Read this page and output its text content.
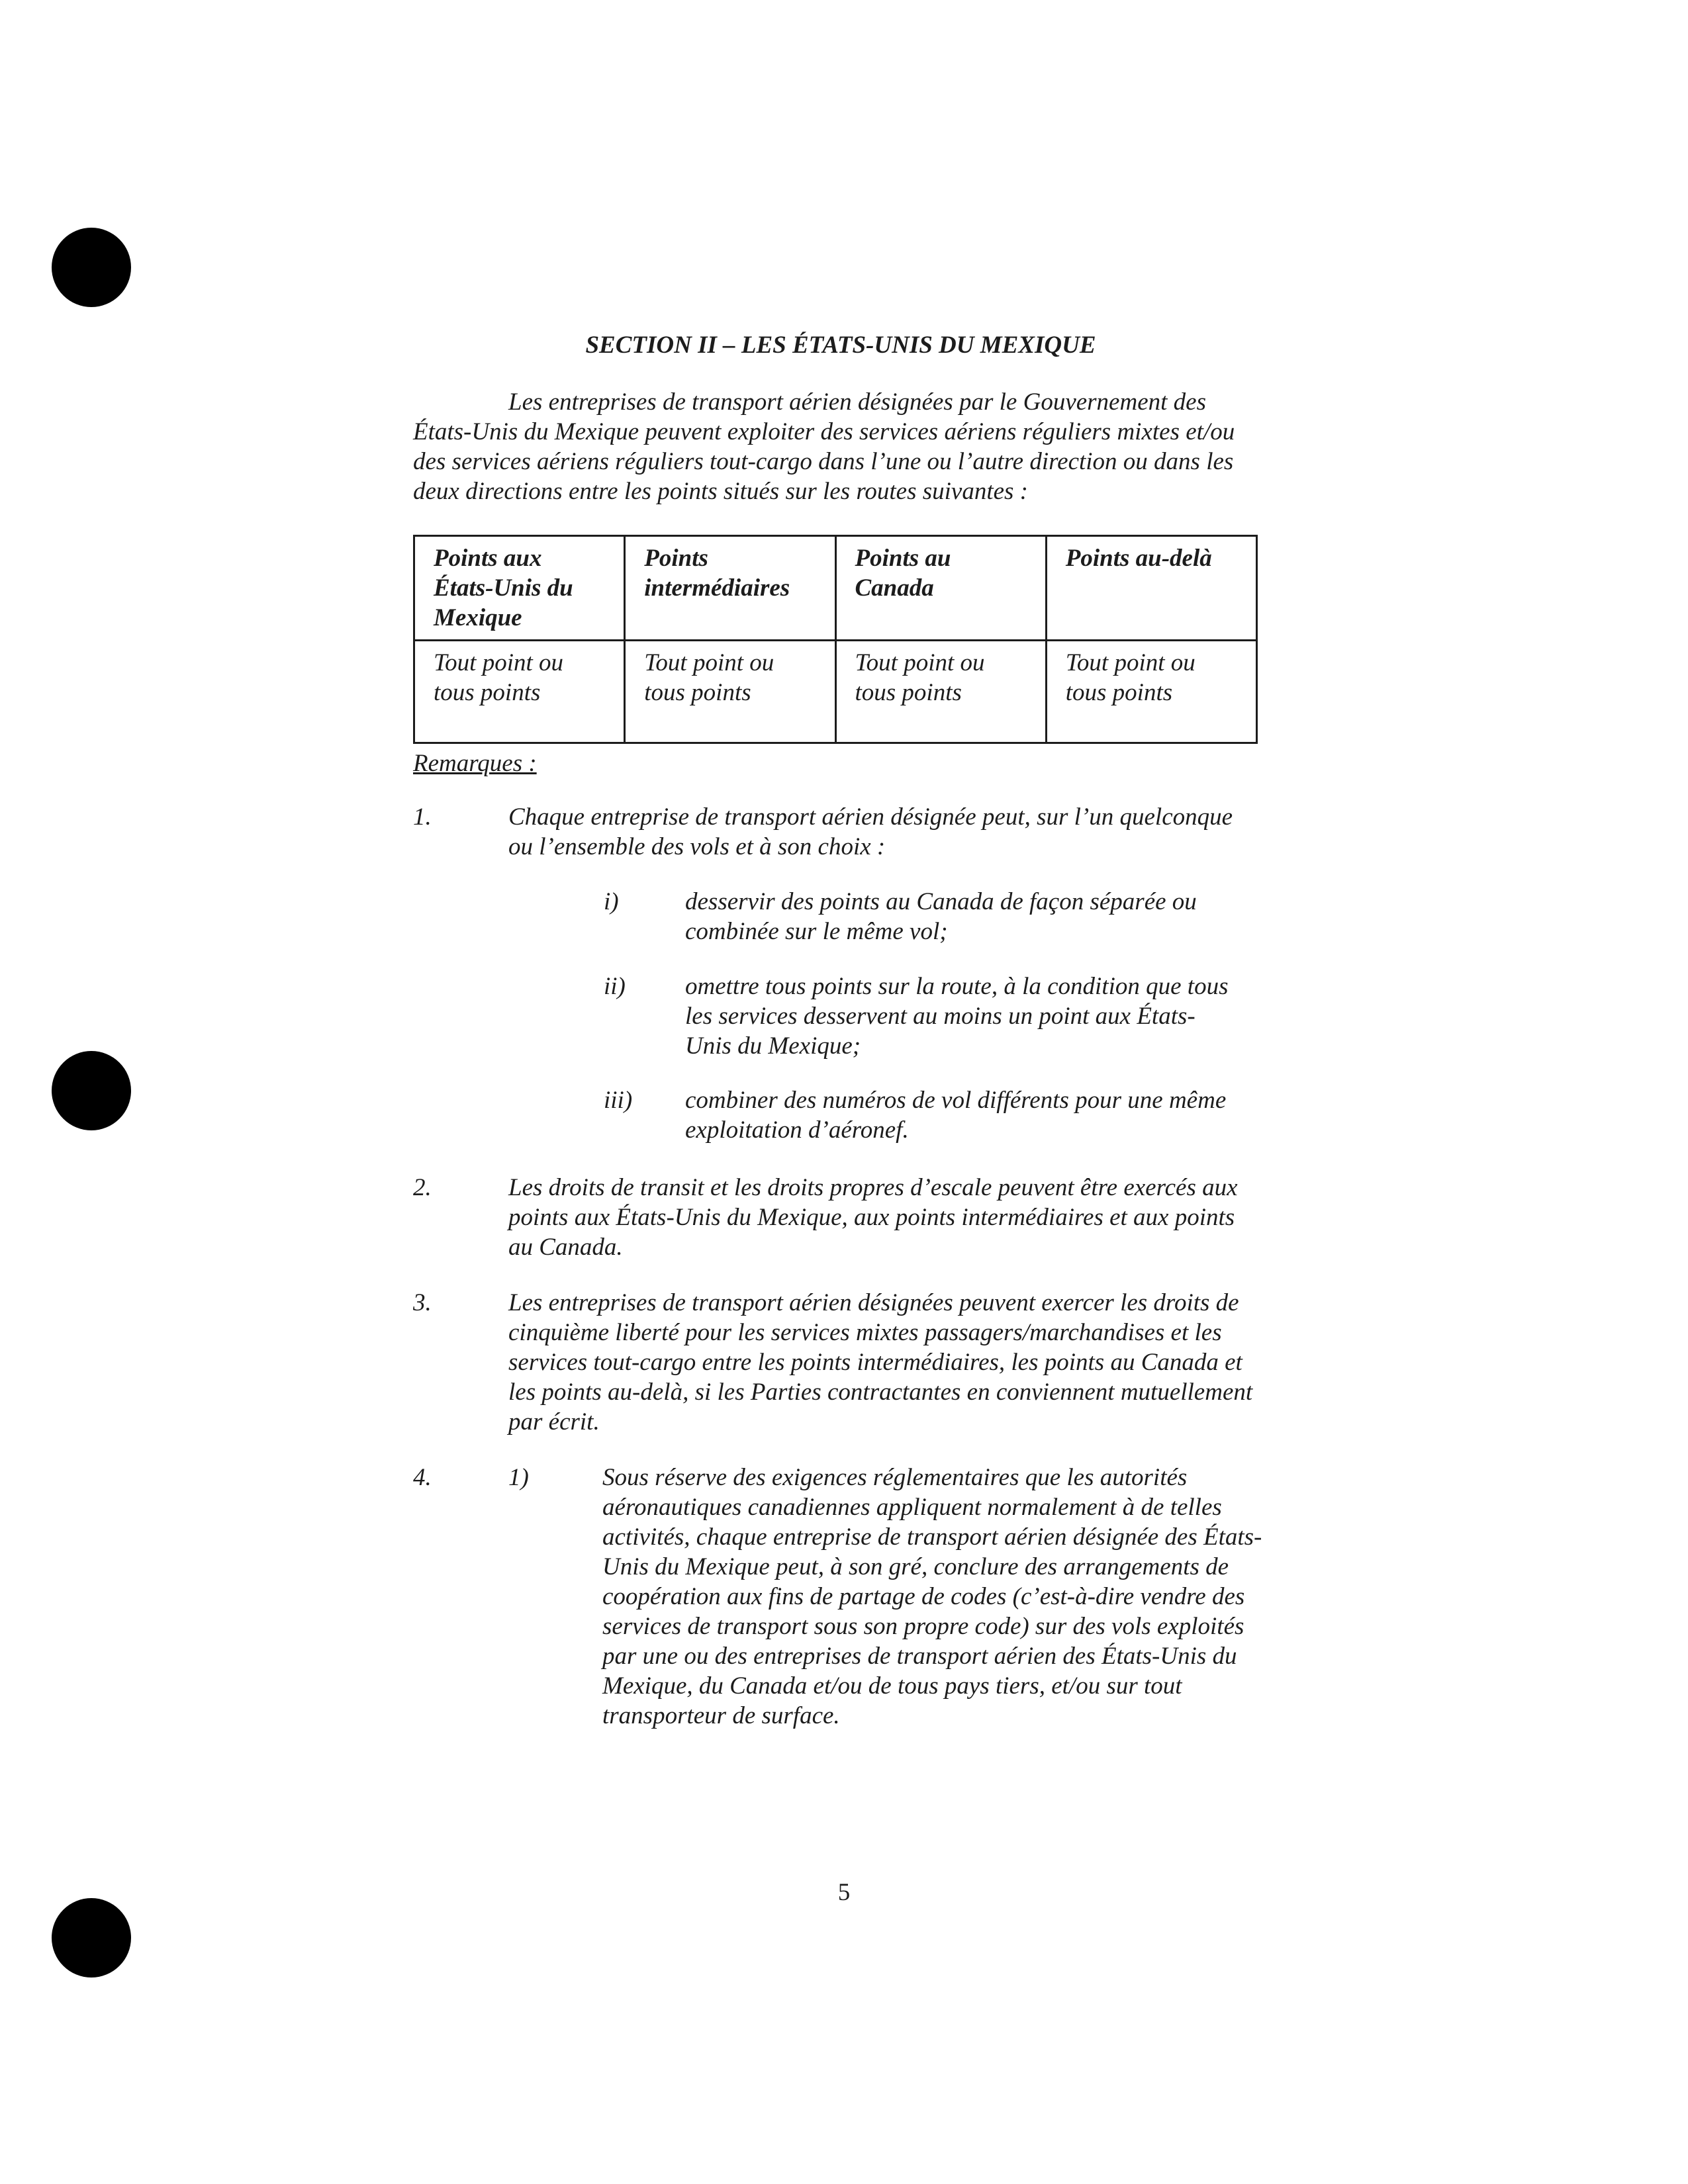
SECTION II – LES ÉTATS-UNIS DU MEXIQUE

Les entreprises de transport aérien désignées par le Gouvernement des États-Unis du Mexique peuvent exploiter des services aériens réguliers mixtes et/ou des services aériens réguliers tout-cargo dans l’une ou l’autre direction ou dans les deux directions entre les points situés sur les routes suivantes :

Points aux États-Unis du Mexique	Points intermédiaires	Points au Canada	Points au-delà
Tout point ou tous points	Tout point ou tous points	Tout point ou tous points	Tout point ou tous points
Remarques :
1.	Chaque entreprise de transport aérien désignée peut, sur l’un quelconque ou l’ensemble des vols et à son choix :

i)	desservir des points au Canada de façon séparée ou combinée sur le même vol;

ii) omettre tous points sur la route, à la condition que tous les services desservent au moins un point aux États-Unis du Mexique;

iii) combiner des numéros de vol différents pour une même exploitation d’aéronef.

2.	Les droits de transit et les droits propres d’escale peuvent être exercés aux points aux États-Unis du Mexique, aux points intermédiaires et aux points au Canada.

3.	Les entreprises de transport aérien désignées peuvent exercer les droits de cinquième liberté pour les services mixtes passagers/marchandises et les services tout-cargo entre les points intermédiaires, les points au Canada et les points au-delà, si les Parties contractantes en conviennent mutuellement par écrit.

4.	1)	Sous réserve des exigences réglementaires que les autorités aéronautiques canadiennes appliquent normalement à de telles activités, chaque entreprise de transport aérien désignée des États-Unis du Mexique peut, à son gré, conclure des arrangements de coopération aux fins de partage de codes (c’est-à-dire vendre des services de transport sous son propre code) sur des vols exploités par une ou des entreprises de transport aérien des États-Unis du Mexique, du Canada et/ou de tous pays tiers, et/ou sur tout transporteur de surface.

5
